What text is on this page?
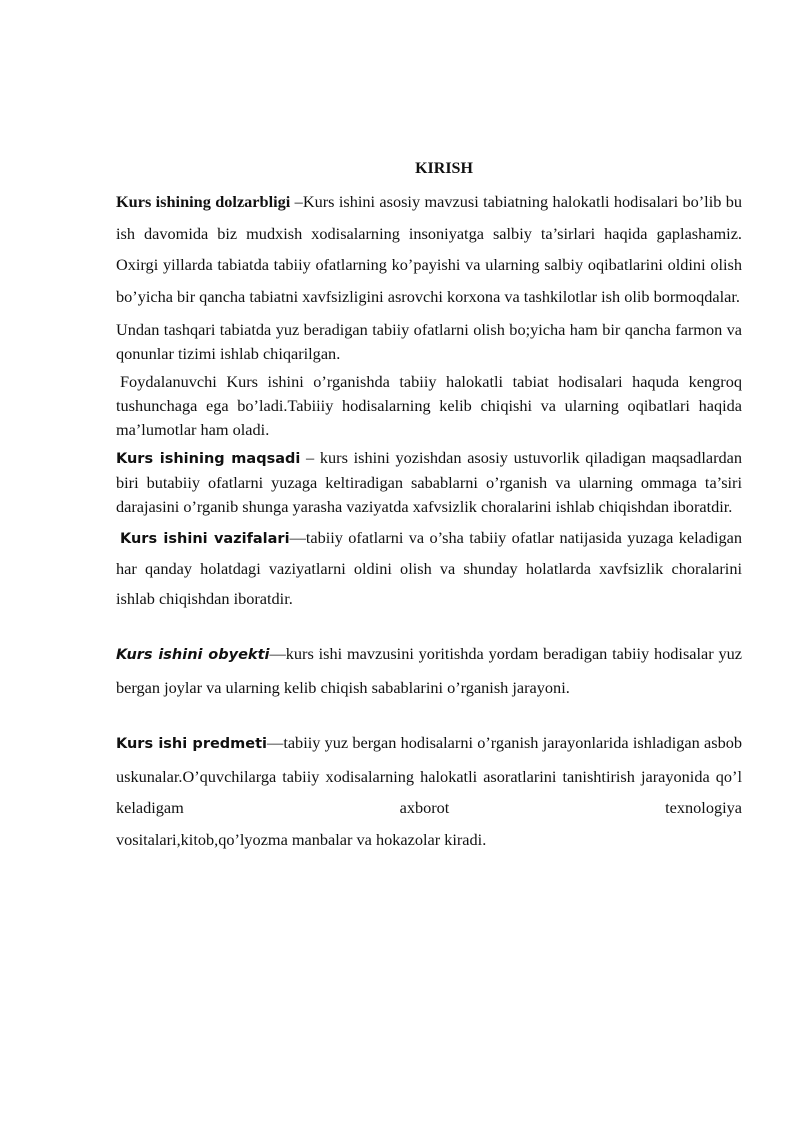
KIRISH

Kurs ishining dolzarbligi –Kurs ishini asosiy mavzusi tabiatning halokatli hodisalari bo’lib bu ish davomida biz mudxish xodisalarning insoniyatga salbiy ta’sirlari haqida gaplashamiz. Oxirgi yillarda tabiatda tabiiy ofatlarning ko’payishi va ularning salbiy oqibatlarini oldini olish bo’yicha bir qancha tabiatni xavfsizligini asrovchi korxona va tashkilotlar ish olib bormoqdalar.

Undan tashqari tabiatda yuz beradigan tabiiy ofatlarni olish bo;yicha ham bir qancha farmon va qonunlar tizimi ishlab chiqarilgan.

Foydalanuvchi Kurs ishini o’rganishda tabiiy halokatli tabiat hodisalari haquda kengroq tushunchaga ega bo’ladi.Tabiiiy hodisalarning kelib chiqishi va ularning oqibatlari haqida ma’lumotlar ham oladi.

Kurs ishining maqsadi – kurs ishini yozishdan asosiy ustuvorlik qiladigan maqsadlardan biri butabiiy ofatlarni yuzaga keltiradigan sabablarni o’rganish va ularning ommaga ta’siri darajasini o’rganib shunga yarasha vaziyatda xafvsizlik choralarini ishlab chiqishdan iboratdir.

Kurs ishini vazifalari—tabiiy ofatlarni va o’sha tabiiy ofatlar natijasida yuzaga keladigan har qanday holatdagi vaziyatlarni oldini olish va shunday holatlarda xavfsizlik choralarini ishlab chiqishdan iboratdir.

Kurs ishini obyekti—kurs ishi mavzusini yoritishda yordam beradigan tabiiy hodisalar yuz bergan joylar va ularning kelib chiqish sabablarini o’rganish jarayoni.

Kurs ishi predmeti—tabiiy yuz bergan hodisalarni o’rganish jarayonlarida ishladigan asbob uskunalar.O’quvchilarga tabiiy xodisalarning halokatli asoratlarini tanishtirish jarayonida qo’l keladigam axborot texnologiya

vositalari,kitob,qo’lyozma manbalar va hokazolar kiradi.
